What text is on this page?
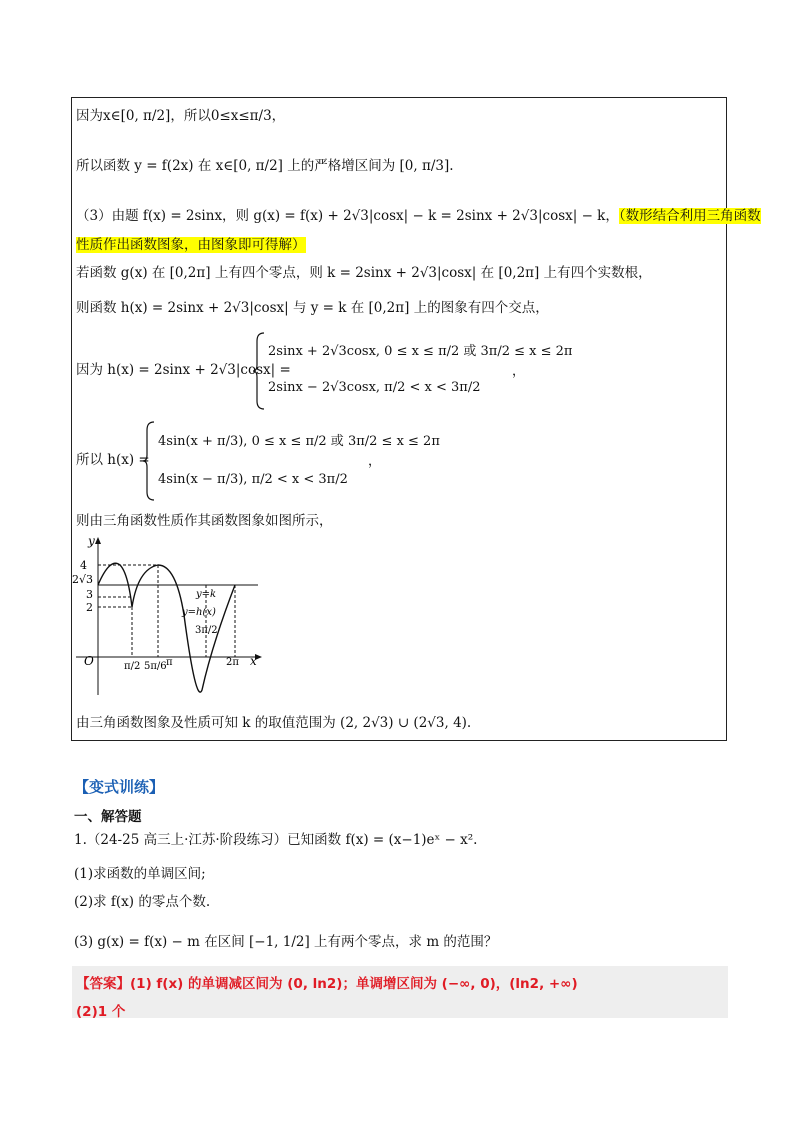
因为x∈[0, π/2]，所以0≤x≤π/3，
所以函数 y = f(2x) 在 x∈[0, π/2] 上的严格增区间为 [0, π/3].
（3）由题 f(x) = 2sinx，则 g(x) = f(x) + 2√3|cosx| − k = 2sinx + 2√3|cosx| − k，（数形结合利用三角函数
性质作出函数图象，由图象即可得解）
若函数 g(x) 在 [0,2π] 上有四个零点，则 k = 2sinx + 2√3|cosx| 在 [0,2π] 上有四个实数根，
则函数 h(x) = 2sinx + 2√3|cosx| 与 y = k 在 [0,2π] 上的图象有四个交点，
因为 h(x) = 2sinx + 2√3|cosx| =
2sinx + 2√3cosx, 0 ≤ x ≤ π/2 或 3π/2 ≤ x ≤ 2π
2sinx − 2√3cosx, π/2 < x < 3π/2
，
所以 h(x) =
4sin(x + π/3), 0 ≤ x ≤ π/2 或 3π/2 ≤ x ≤ 2π
4sin(x − π/3), π/2 < x < 3π/2
，
则由三角函数性质作其函数图象如图所示，
由三角函数图象及性质可知 k 的取值范围为 (2, 2√3) ∪ (2√3, 4).
y
x
O
4
2√3
3
2
π/2 5π/6 π
3π/2
2π
y=k
y=h(x)
【变式训练】
一、解答题
1.（24-25 高三上·江苏·阶段练习）已知函数 f(x) = (x−1)eˣ − x².
(1)求函数的单调区间;
(2)求 f(x) 的零点个数.
(3) g(x) = f(x) − m 在区间 [−1, 1/2] 上有两个零点，求 m 的范围？
【答案】(1) f(x) 的单调减区间为 (0, ln2)；单调增区间为 (−∞, 0)，(ln2, +∞)
(2)1 个
